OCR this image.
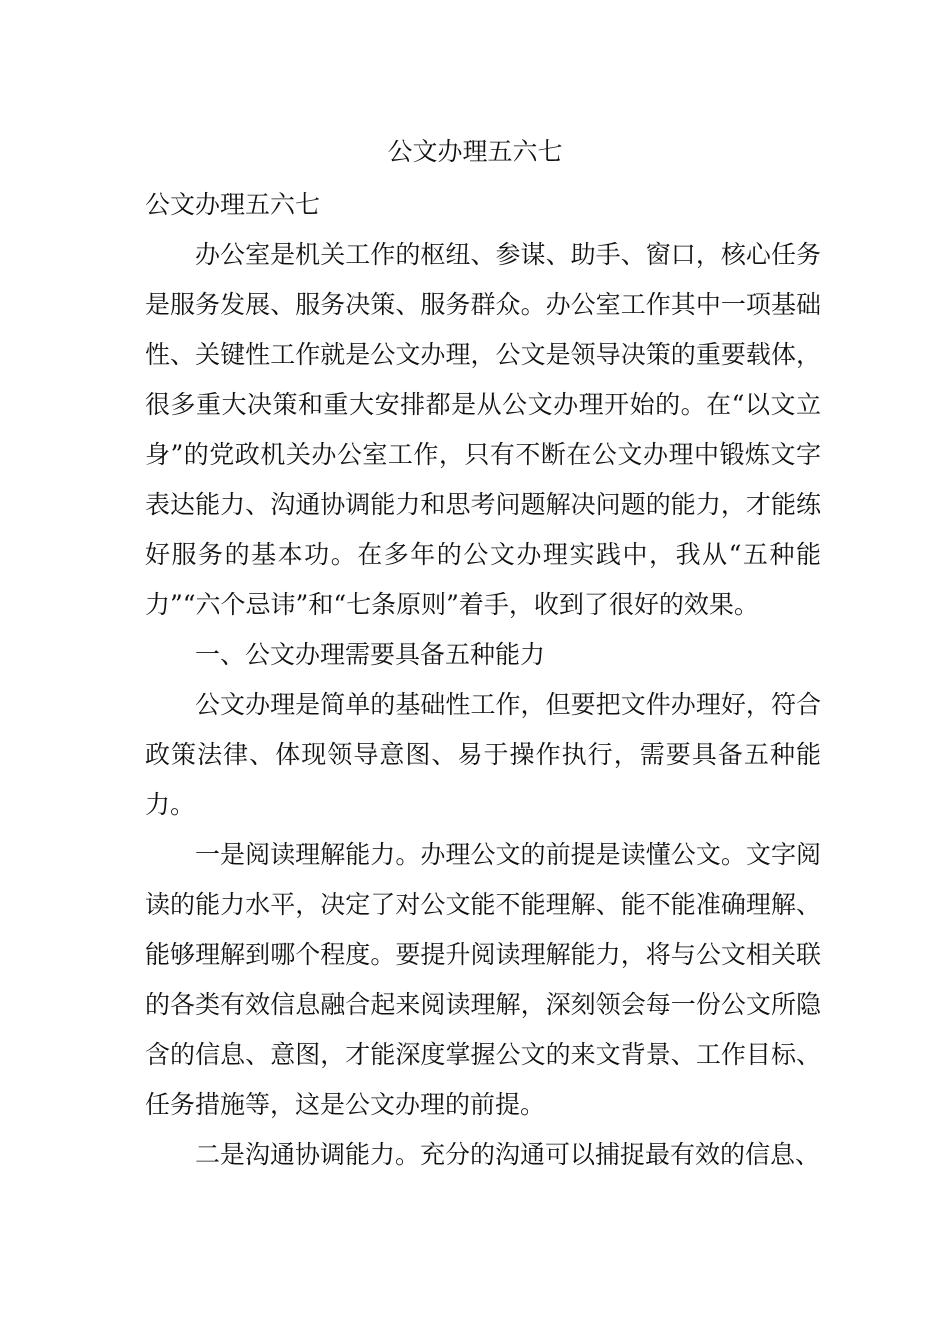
公文办理五六七

公文办理五六七

办公室是机关工作的枢纽、参谋、助手、窗口，核心任务是服务发展、服务决策、服务群众。办公室工作其中一项基础性、关键性工作就是公文办理，公文是领导决策的重要载体，很多重大决策和重大安排都是从公文办理开始的。在“以文立身”的党政机关办公室工作，只有不断在公文办理中锻炼文字表达能力、沟通协调能力和思考问题解决问题的能力，才能练好服务的基本功。在多年的公文办理实践中，我从“五种能力”“六个忌讳”和“七条原则”着手，收到了很好的效果。

一、公文办理需要具备五种能力

公文办理是简单的基础性工作，但要把文件办理好，符合政策法律、体现领导意图、易于操作执行，需要具备五种能力。

一是阅读理解能力。办理公文的前提是读懂公文。文字阅读的能力水平，决定了对公文能不能理解、能不能准确理解、能够理解到哪个程度。要提升阅读理解能力，将与公文相关联的各类有效信息融合起来阅读理解，深刻领会每一份公文所隐含的信息、意图，才能深度掌握公文的来文背景、工作目标、任务措施等，这是公文办理的前提。

二是沟通协调能力。充分的沟通可以捕捉最有效的信息、
